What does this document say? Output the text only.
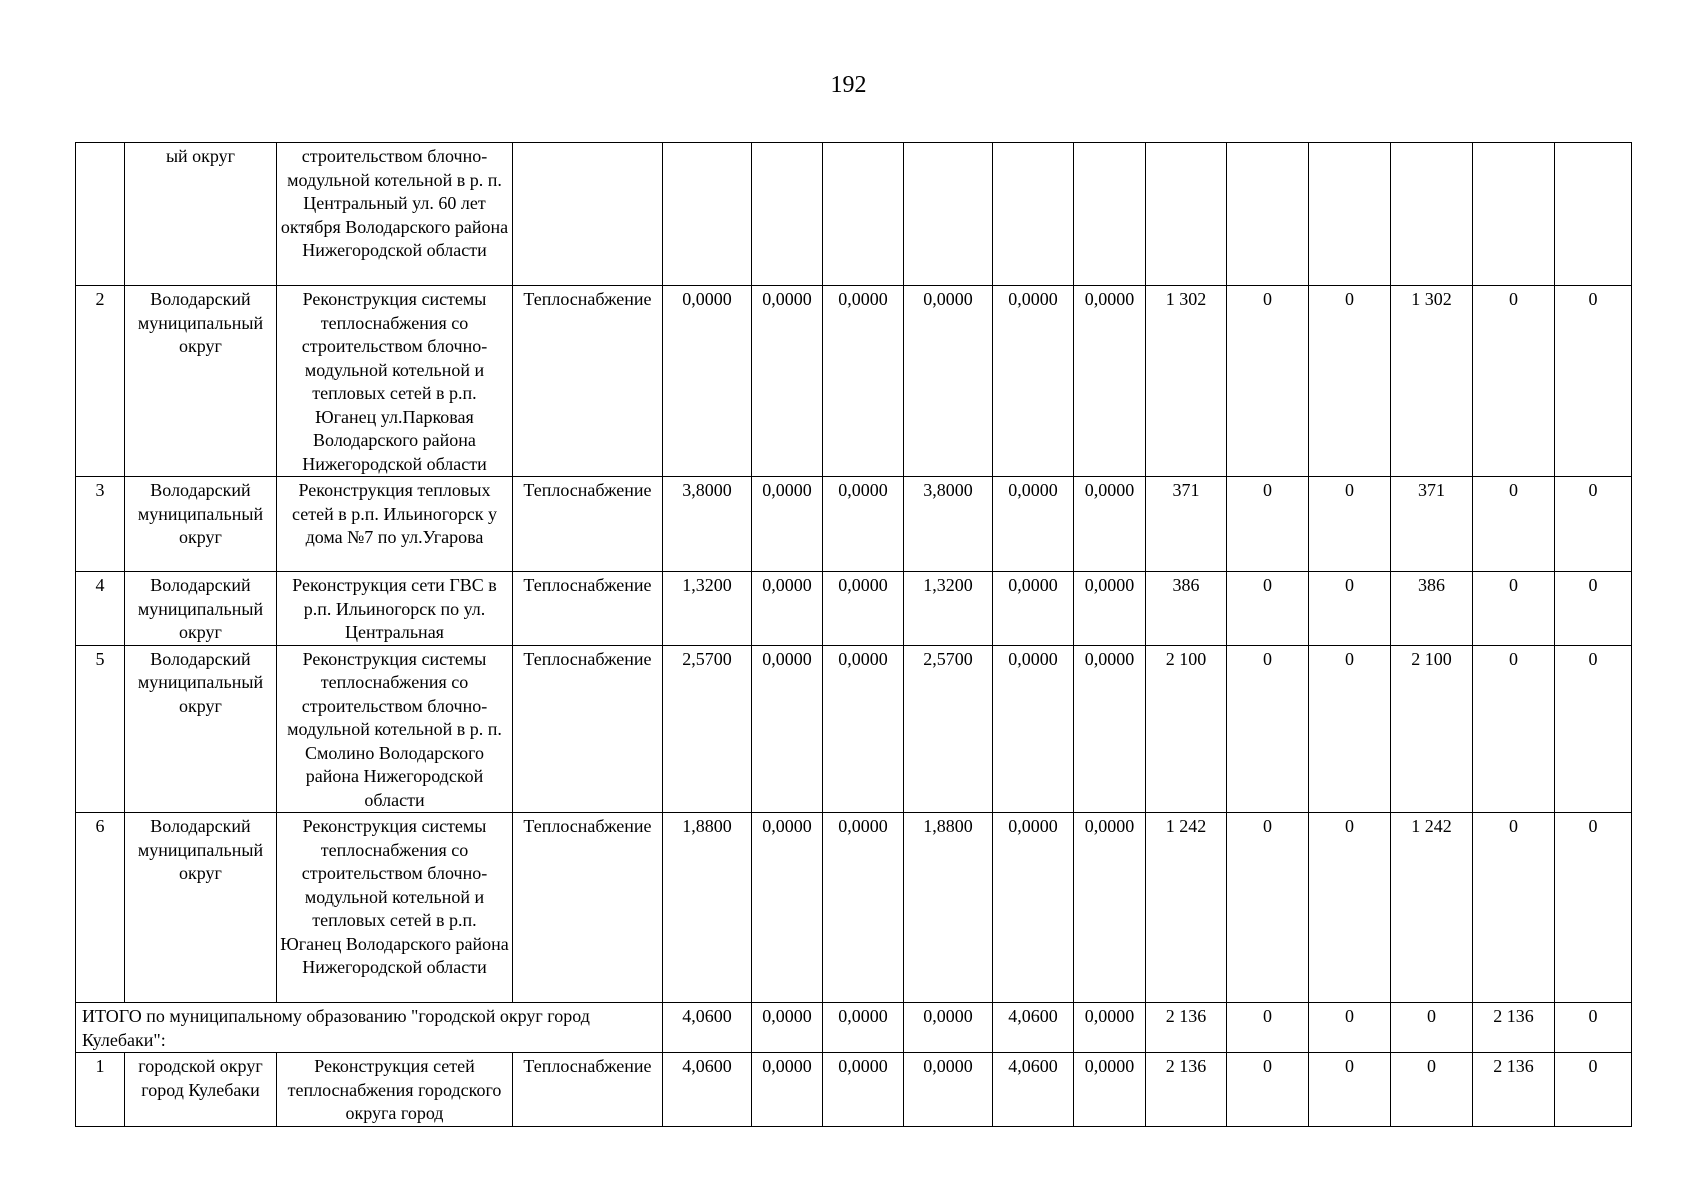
192
	ый округ	строительством блочно-модульной котельной в р. п. Центральный ул. 60 лет октября Володарского района Нижегородской области													
2	Володарский муниципальный округ	Реконструкция системы теплоснабжения со строительством блочно-модульной котельной и тепловых сетей в р.п. Юганец ул.Парковая Володарского района Нижегородской области	Теплоснабжение	0,0000	0,0000	0,0000	0,0000	0,0000	0,0000	1 302	0	0	1 302	0	0
3	Володарский муниципальный округ	Реконструкция тепловых сетей в р.п. Ильиногорск у дома №7 по ул.Угарова	Теплоснабжение	3,8000	0,0000	0,0000	3,8000	0,0000	0,0000	371	0	0	371	0	0
4	Володарский муниципальный округ	Реконструкция сети ГВС в р.п. Ильиногорск по ул. Центральная	Теплоснабжение	1,3200	0,0000	0,0000	1,3200	0,0000	0,0000	386	0	0	386	0	0
5	Володарский муниципальный округ	Реконструкция системы теплоснабжения со строительством блочно-модульной котельной в р. п. Смолино Володарского района Нижегородской области	Теплоснабжение	2,5700	0,0000	0,0000	2,5700	0,0000	0,0000	2 100	0	0	2 100	0	0
6	Володарский муниципальный округ	Реконструкция системы теплоснабжения со строительством блочно-модульной котельной и тепловых сетей в р.п. Юганец Володарского района Нижегородской области	Теплоснабжение	1,8800	0,0000	0,0000	1,8800	0,0000	0,0000	1 242	0	0	1 242	0	0
ИТОГО по муниципальному образованию "городской округ город Кулебаки":				4,0600	0,0000	0,0000	0,0000	4,0600	0,0000	2 136	0	0	0	2 136	0
1	городской округ город Кулебаки	Реконструкция сетей теплоснабжения городского округа город	Теплоснабжение	4,0600	0,0000	0,0000	0,0000	4,0600	0,0000	2 136	0	0	0	2 136	0
